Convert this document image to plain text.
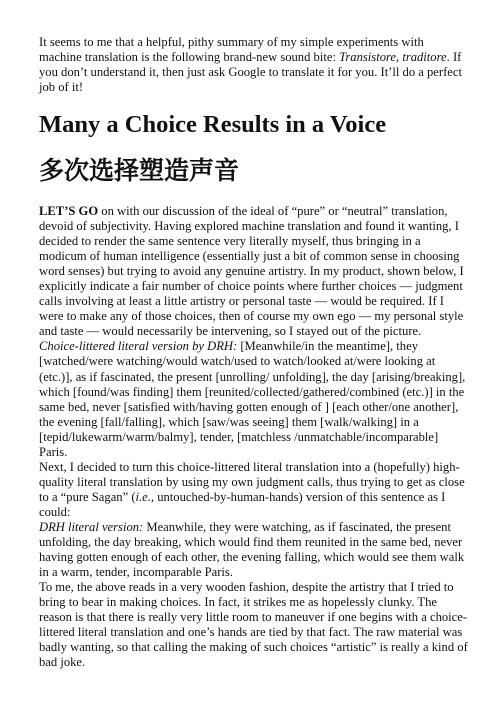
It seems to me that a helpful, pithy summary of my simple experiments with machine translation is the following brand-new sound bite: Transistore, traditore. If you don’t understand it, then just ask Google to translate it for you. It’ll do a perfect job of it!

Many a Choice Results in a Voice
多次选择塑造声音

LET’S GO on with our discussion of the ideal of “pure” or “neutral” translation, devoid of subjectivity. Having explored machine translation and found it wanting, I decided to render the same sentence very literally myself, thus bringing in a modicum of human intelligence (essentially just a bit of common sense in choosing word senses) but trying to avoid any genuine artistry. In my product, shown below, I explicitly indicate a fair number of choice points where further choices — judgment calls involving at least a little artistry or personal taste — would be required. If I were to make any of those choices, then of course my own ego — my personal style and taste — would necessarily be intervening, so I stayed out of the picture.

Choice-littered literal version by DRH: [Meanwhile/in the meantime], they [watched/were watching/would watch/used to watch/looked at/were looking at (etc.)], as if fascinated, the present [unrolling/ unfolding], the day [arising/breaking], which [found/was finding] them [reunited/collected/gathered/combined (etc.)] in the same bed, never [satisfied with/having gotten enough of ] [each other/one another], the evening [fall/falling], which [saw/was seeing] them [walk/walking] in a [tepid/lukewarm/warm/balmy], tender, [matchless /unmatchable/incomparable] Paris.

Next, I decided to turn this choice-littered literal translation into a (hopefully) high-quality literal translation by using my own judgment calls, thus trying to get as close to a “pure Sagan” (i.e., untouched-by-human-hands) version of this sentence as I could:

DRH literal version: Meanwhile, they were watching, as if fascinated, the present unfolding, the day breaking, which would find them reunited in the same bed, never having gotten enough of each other, the evening falling, which would see them walk in a warm, tender, incomparable Paris.

To me, the above reads in a very wooden fashion, despite the artistry that I tried to bring to bear in making choices. In fact, it strikes me as hopelessly clunky. The reason is that there is really very little room to maneuver if one begins with a choice-littered literal translation and one’s hands are tied by that fact. The raw material was badly wanting, so that calling the making of such choices “artistic” is really a kind of bad joke.
